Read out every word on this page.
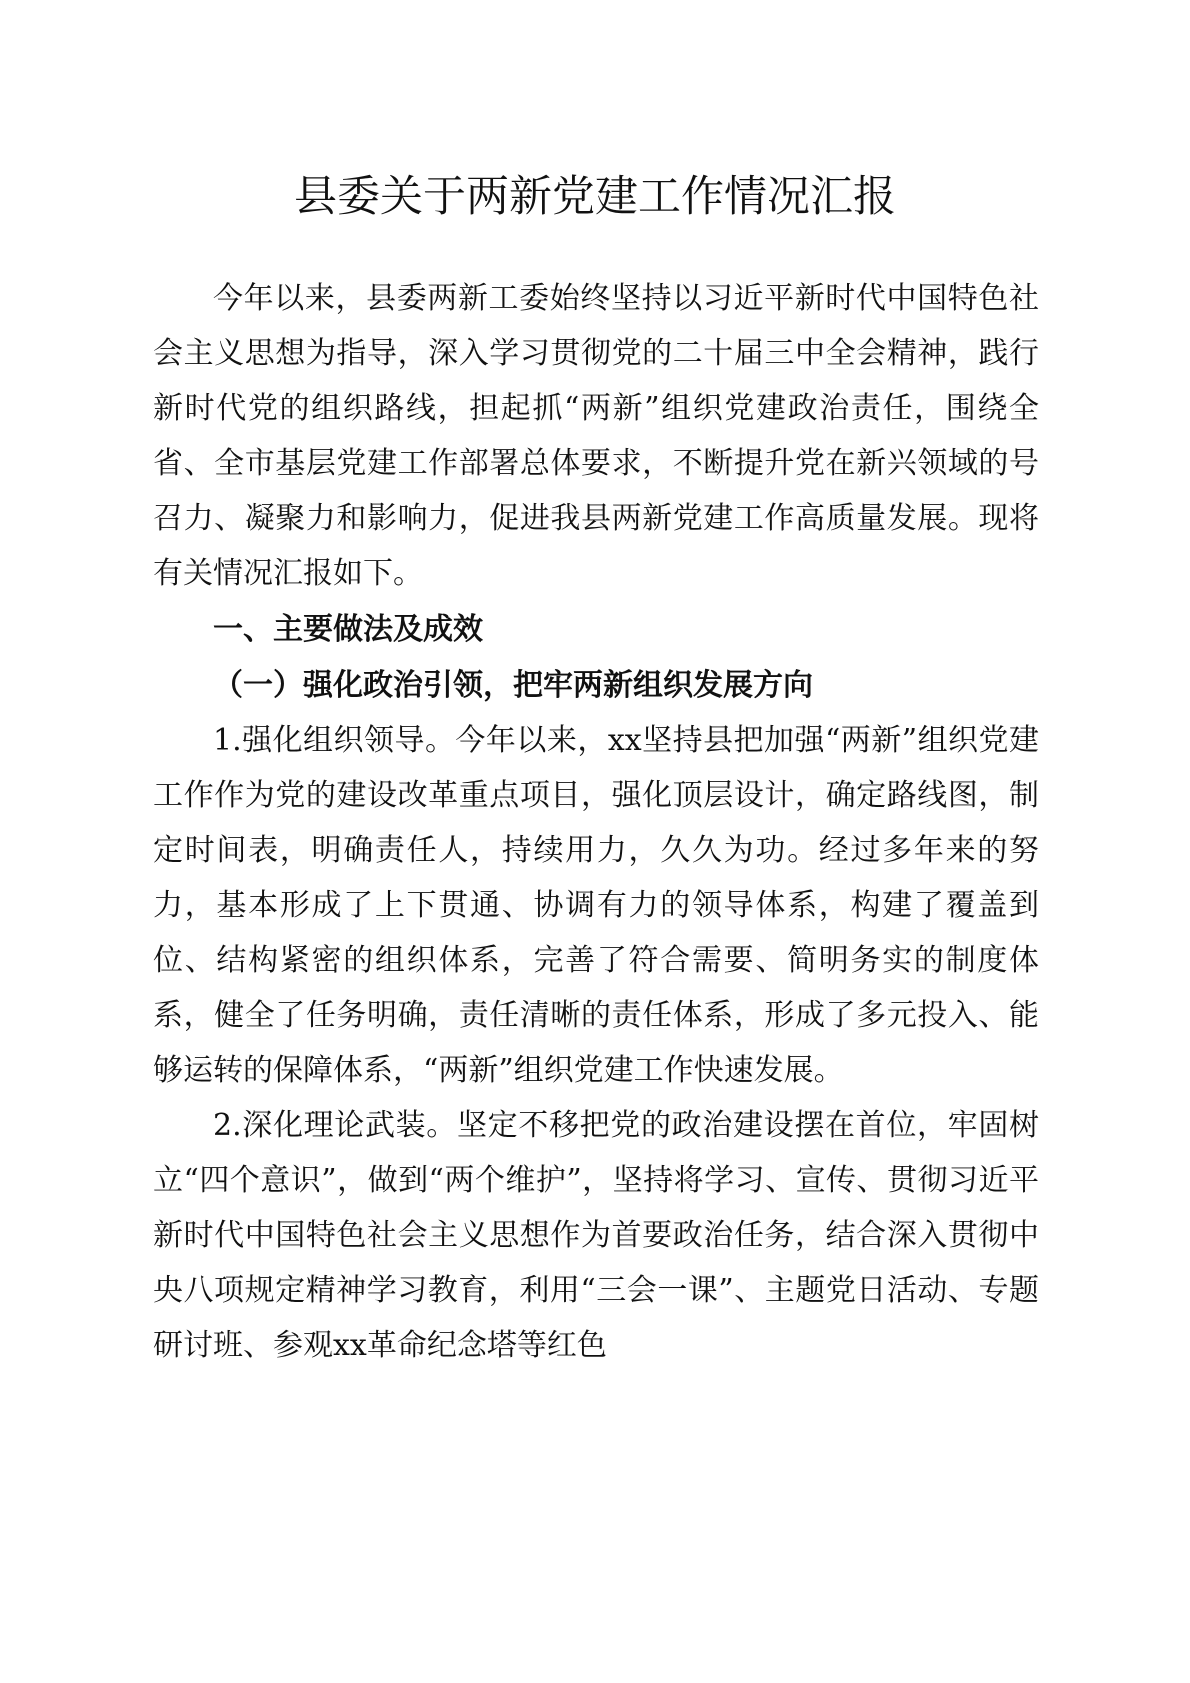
县委关于两新党建工作情况汇报

今年以来，县委两新工委始终坚持以习近平新时代中国特色社会主义思想为指导，深入学习贯彻党的二十届三中全会精神，践行新时代党的组织路线，担起抓“两新”组织党建政治责任，围绕全省、全市基层党建工作部署总体要求，不断提升党在新兴领域的号召力、凝聚力和影响力，促进我县两新党建工作高质量发展。现将有关情况汇报如下。

一、主要做法及成效

（一）强化政治引领，把牢两新组织发展方向

1.强化组织领导。今年以来，xx坚持县把加强“两新”组织党建工作作为党的建设改革重点项目，强化顶层设计，确定路线图，制定时间表，明确责任人，持续用力，久久为功。经过多年来的努力，基本形成了上下贯通、协调有力的领导体系，构建了覆盖到位、结构紧密的组织体系，完善了符合需要、简明务实的制度体系，健全了任务明确，责任清晰的责任体系，形成了多元投入、能够运转的保障体系，“两新”组织党建工作快速发展。

2.深化理论武装。坚定不移把党的政治建设摆在首位，牢固树立“四个意识”，做到“两个维护”，坚持将学习、宣传、贯彻习近平新时代中国特色社会主义思想作为首要政治任务，结合深入贯彻中央八项规定精神学习教育，利用“三会一课”、主题党日活动、专题研讨班、参观xx革命纪念塔等红色
